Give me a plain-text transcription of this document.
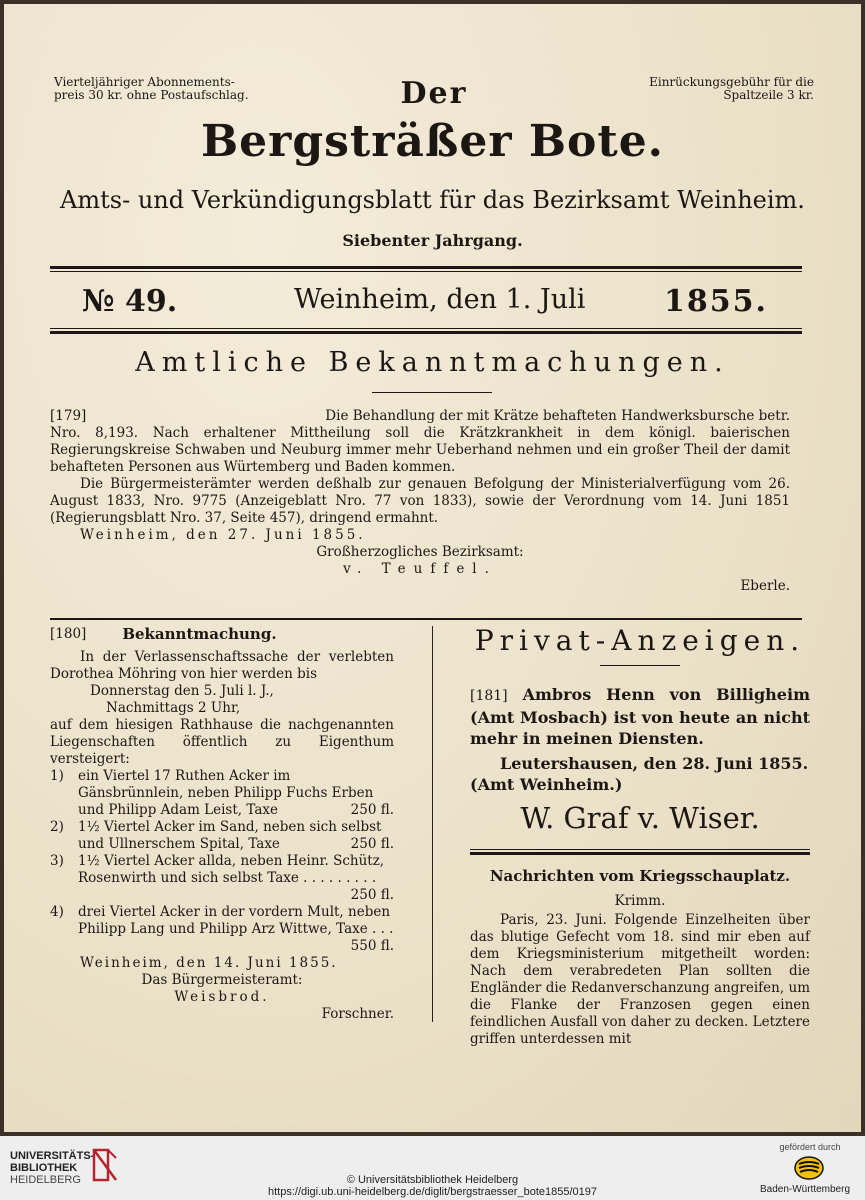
Vierteljähriger Abonnements-
preis 30 kr. ohne Postaufschlag.	Der	Einrückungsgebühr für die
Spaltzeile 3 kr.
Bergsträßer Bote.
Amts- und Verkündigungsblatt für das Bezirksamt Weinheim.
Siebenter Jahrgang.
№ 49.	Weinheim, den 1. Juli	1855.
Amtliche Bekanntmachungen.
[179]	Die Behandlung der mit Krätze behafteten Handwerksbursche betr.
Nro. 8,193. Nach erhaltener Mittheilung soll die Krätzkrankheit in dem königl. baierischen Regierungskreise Schwaben und Neuburg immer mehr Ueberhand nehmen und ein großer Theil der damit behafteten Personen aus Würtemberg und Baden kommen.
Die Bürgermeisterämter werden deßhalb zur genauen Befolgung der Ministerialverfügung vom 26. August 1833, Nro. 9775 (Anzeigeblatt Nro. 77 von 1833), sowie der Verordnung vom 14. Juni 1851 (Regierungsblatt Nro. 37, Seite 457), dringend ermahnt.
Weinheim, den 27. Juni 1855.
Großherzogliches Bezirksamt:
v. Teuffel.
Eberle.
[180] Bekanntmachung.
In der Verlassenschaftssache der verlebten Dorothea Möhring von hier werden bis
Donnerstag den 5. Juli l. J.,
Nachmittags 2 Uhr,
auf dem hiesigen Rathhause die nachgenannten Liegenschaften öffentlich zu Eigenthum versteigert:
1)	ein Viertel 17 Ruthen Acker im Gänsbrünnlein, neben Philipp Fuchs Erben und Philipp Adam Leist, Taxe	250 fl.
2)	1½ Viertel Acker im Sand, neben sich selbst und Ullnerschem Spital, Taxe	250 fl.
3)	1½ Viertel Acker allda, neben Heinr. Schütz, Rosenwirth und sich selbst Taxe . . . . . . . . .
250 fl.
4)	drei Viertel Acker in der vordern Mult, neben Philipp Lang und Philipp Arz Wittwe, Taxe . . .
550 fl.
Weinheim, den 14. Juni 1855.
Das Bürgermeisteramt:
Weisbrod.
Forschner.
Privat-Anzeigen.
[181] Ambros Henn von Billigheim (Amt Mosbach) ist von heute an nicht mehr in meinen Diensten.
Leutershausen, den 28. Juni 1855. (Amt Weinheim.)
W. Graf v. Wiser.
Nachrichten vom Kriegsschauplatz.
Krimm.
Paris, 23. Juni. Folgende Einzelheiten über das blutige Gefecht vom 18. sind mir eben auf dem Kriegsministerium mitgetheilt worden: Nach dem verabredeten Plan sollten die Engländer die Redanverschanzung angreifen, um die Flanke der Franzosen gegen einen feindlichen Ausfall von daher zu decken. Letztere griffen unterdessen mit
UNIVERSITÄTS-
BIBLIOTHEK
HEIDELBERG	© Universitätsbibliothek Heidelberg
https://digi.ub.uni-heidelberg.de/diglit/bergstraesser_bote1855/0197
gefördert durch
Baden-Württemberg
